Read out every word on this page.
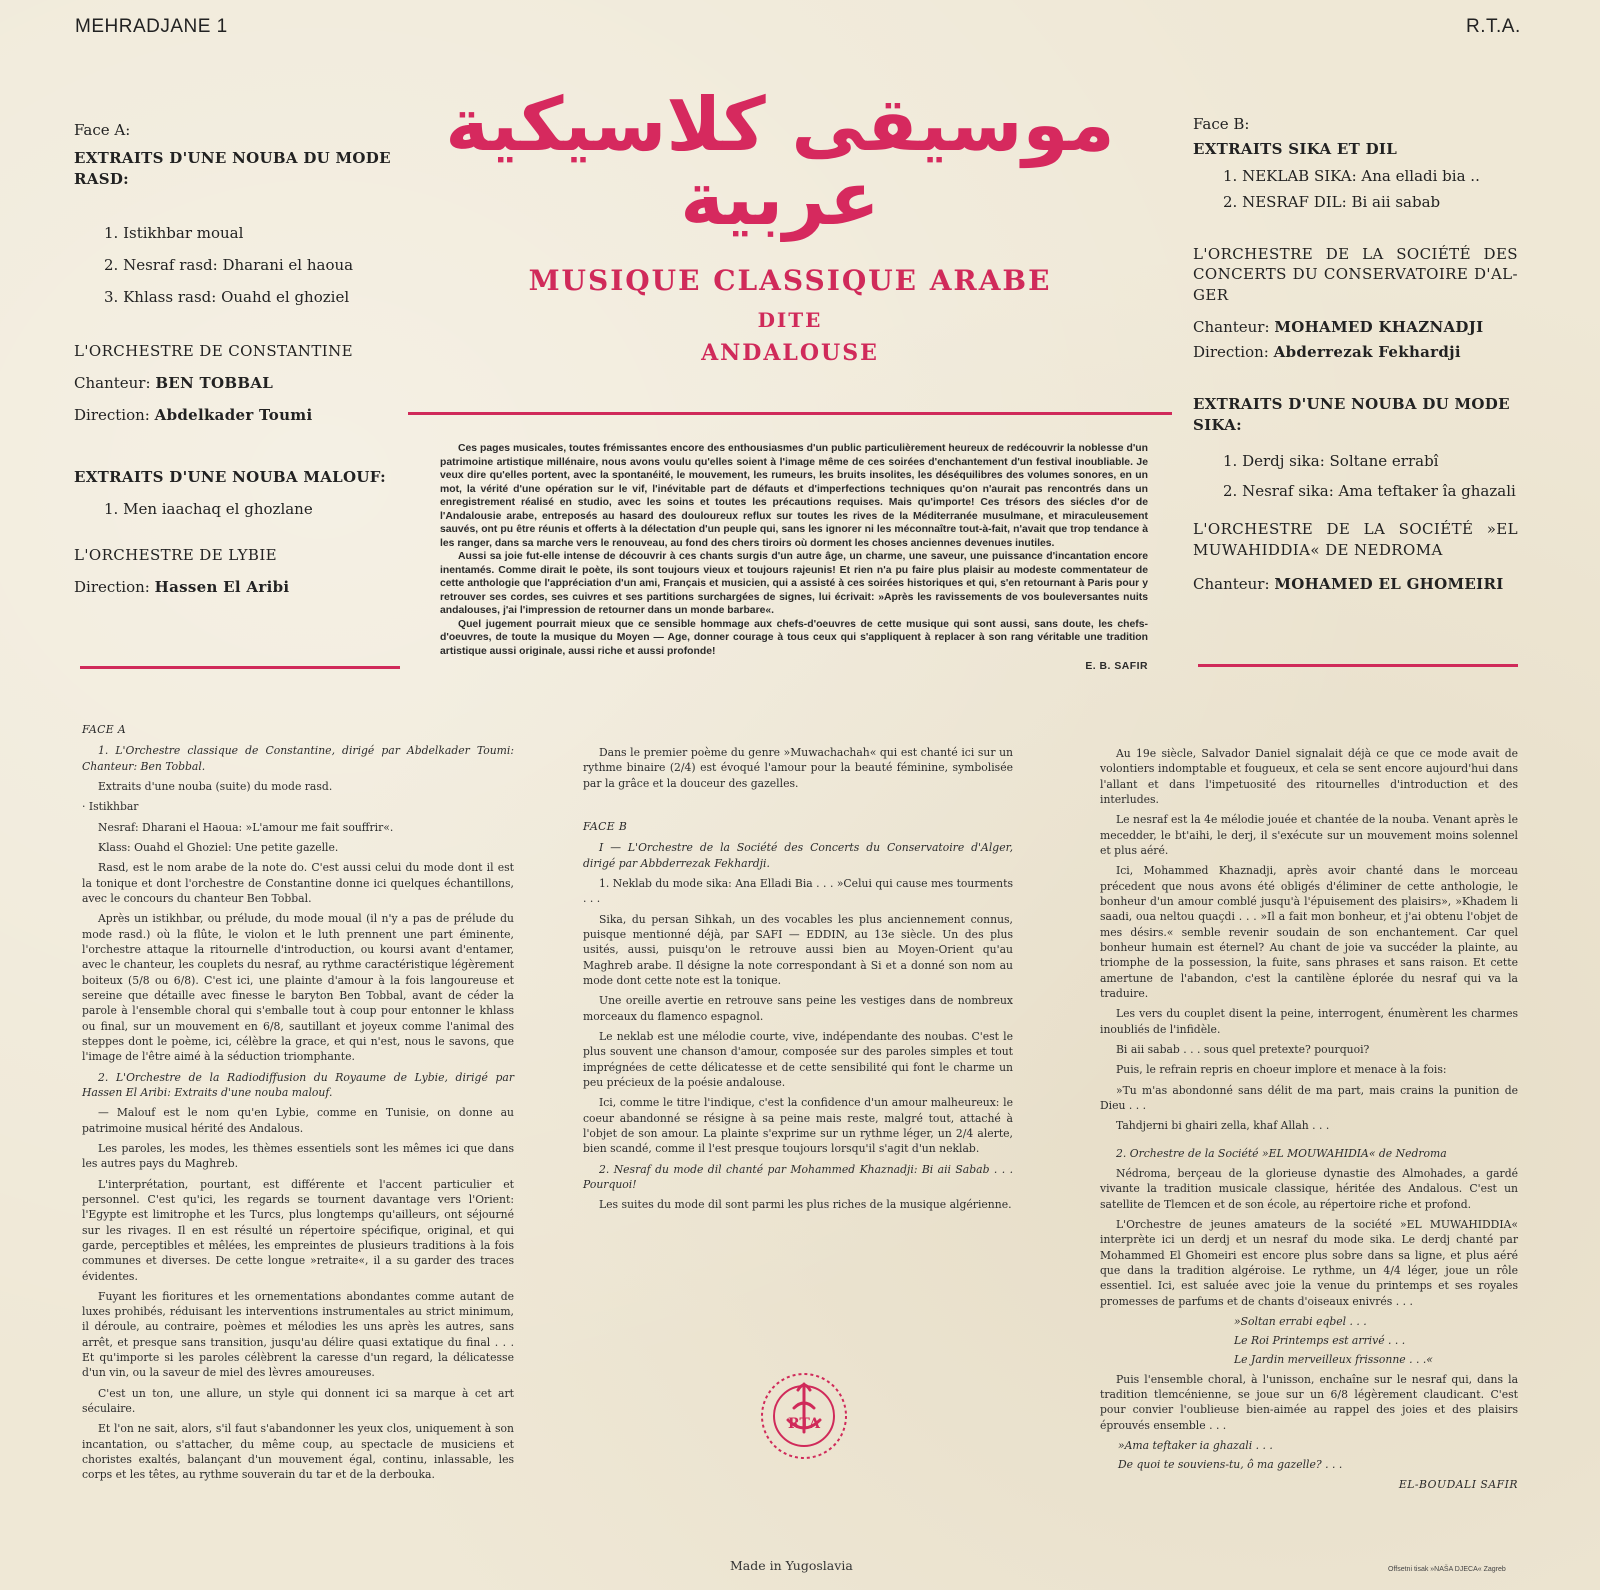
MEHRADJANE 1	R.T.A.
موسيقى كلاسيكية عربية
MUSIQUE CLASSIQUE ARABE
DITE
ANDALOUSE

Face A:

EXTRAITS D'UNE NOUBA DU MODE RASD:

1. Istikhbar moual

2. Nesraf rasd: Dharani el haoua

3. Khlass rasd: Ouahd el ghoziel

L'ORCHESTRE DE CONSTANTINE

Chanteur: BEN TOBBAL

Direction: Abdelkader Toumi

EXTRAITS D'UNE NOUBA MALOUF:

1. Men iaachaq el ghozlane

L'ORCHESTRE DE LYBIE

Direction: Hassen El Aribi

Face B:

EXTRAITS SIKA ET DIL

1. NEKLAB SIKA: Ana elladi bia ..

2. NESRAF DIL: Bi aii sabab

L'ORCHESTRE DE LA SOCIÉTÉ DES CONCERTS DU CONSERVATOIRE D'AL-GER

Chanteur: MOHAMED KHAZNADJI

Direction: Abderrezak Fekhardji

EXTRAITS D'UNE NOUBA DU MODE SIKA:

1. Derdj sika: Soltane errabî

2. Nesraf sika: Ama teftaker îa ghazali

L'ORCHESTRE DE LA SOCIÉTÉ »EL MUWAHIDDIA« DE NEDROMA

Chanteur: MOHAMED EL GHOMEIRI

Ces pages musicales, toutes frémissantes encore des enthousiasmes d'un public particulièrement heureux de redécouvrir la noblesse d'un patrimoine artistique millénaire, nous avons voulu qu'elles soient à l'image même de ces soirées d'enchantement d'un festival inoubliable. Je veux dire qu'elles portent, avec la spontanéité, le mouvement, les rumeurs, les bruits insolites, les déséquilibres des volumes sonores, en un mot, la vérité d'une opération sur le vif, l'inévitable part de défauts et d'imperfections techniques qu'on n'aurait pas rencontrés dans un enregistrement réalisé en studio, avec les soins et toutes les précautions requises. Mais qu'importe! Ces trésors des siécles d'or de l'Andalousie arabe, entreposés au hasard des douloureux reflux sur toutes les rives de la Méditerranée musulmane, et miraculeusement sauvés, ont pu être réunis et offerts à la délectation d'un peuple qui, sans les ignorer ni les méconnaître tout-à-fait, n'avait que trop tendance à les ranger, dans sa marche vers le renouveau, au fond des chers tiroirs où dorment les choses anciennes devenues inutiles.

Aussi sa joie fut-elle intense de découvrir à ces chants surgis d'un autre âge, un charme, une saveur, une puissance d'incantation encore inentamés. Comme dirait le poète, ils sont toujours vieux et toujours rajeunis! Et rien n'a pu faire plus plaisir au modeste commentateur de cette anthologie que l'appréciation d'un ami, Français et musicien, qui a assisté à ces soirées historiques et qui, s'en retournant à Paris pour y retrouver ses cordes, ses cuivres et ses partitions surchargées de signes, lui écrivait: »Après les ravissements de vos bouleversantes nuits andalouses, j'ai l'impression de retourner dans un monde barbare«.

Quel jugement pourrait mieux que ce sensible hommage aux chefs-d'oeuvres de cette musique qui sont aussi, sans doute, les chefs-d'oeuvres, de toute la musique du Moyen — Age, donner courage à tous ceux qui s'appliquent à replacer à son rang véritable une tradition artistique aussi originale, aussi riche et aussi profonde!

E. B. SAFIR

FACE A

1. L'Orchestre classique de Constantine, dirigé par Abdelkader Toumi: Chanteur: Ben Tobbal.

Extraits d'une nouba (suite) du mode rasd.

· Istikhbar

Nesraf: Dharani el Haoua: »L'amour me fait souffrir«.

Klass: Ouahd el Ghoziel: Une petite gazelle.

Rasd, est le nom arabe de la note do. C'est aussi celui du mode dont il est la tonique et dont l'orchestre de Constantine donne ici quelques échantillons, avec le concours du chanteur Ben Tobbal.

Après un istikhbar, ou prélude, du mode moual (il n'y a pas de prélude du mode rasd.) où la flûte, le violon et le luth prennent une part éminente, l'orchestre attaque la ritournelle d'introduction, ou koursi avant d'entamer, avec le chanteur, les couplets du nesraf, au rythme caractéristique légèrement boiteux (5/8 ou 6/8). C'est ici, une plainte d'amour à la fois langoureuse et sereine que détaille avec finesse le baryton Ben Tobbal, avant de céder la parole à l'ensemble choral qui s'emballe tout à coup pour entonner le khlass ou final, sur un mouvement en 6/8, sautillant et joyeux comme l'animal des steppes dont le poème, ici, célèbre la grace, et qui n'est, nous le savons, que l'image de l'être aimé à la séduction triomphante.

2. L'Orchestre de la Radiodiffusion du Royaume de Lybie, dirigé par Hassen El Aribi: Extraits d'une nouba malouf.

— Malouf est le nom qu'en Lybie, comme en Tunisie, on donne au patrimoine musical hérité des Andalous.

Les paroles, les modes, les thèmes essentiels sont les mêmes ici que dans les autres pays du Maghreb.

L'interprétation, pourtant, est différente et l'accent particulier et personnel. C'est qu'ici, les regards se tournent davantage vers l'Orient: l'Egypte est limitrophe et les Turcs, plus longtemps qu'ailleurs, ont séjourné sur les rivages. Il en est résulté un répertoire spécifique, original, et qui garde, perceptibles et mêlées, les empreintes de plusieurs traditions à la fois communes et diverses. De cette longue »retraite«, il a su garder des traces évidentes.

Fuyant les fioritures et les ornementations abondantes comme autant de luxes prohibés, réduisant les interventions instrumentales au strict minimum, il déroule, au contraire, poèmes et mélodies les uns après les autres, sans arrêt, et presque sans transition, jusqu'au délire quasi extatique du final . . . Et qu'importe si les paroles célèbrent la caresse d'un regard, la délicatesse d'un vin, ou la saveur de miel des lèvres amoureuses.

C'est un ton, une allure, un style qui donnent ici sa marque à cet art séculaire.

Et l'on ne sait, alors, s'il faut s'abandonner les yeux clos, uniquement à son incantation, ou s'attacher, du même coup, au spectacle de musiciens et choristes exaltés, balançant d'un mouvement égal, continu, inlassable, les corps et les têtes, au rythme souverain du tar et de la derbouka.

Dans le premier poème du genre »Muwachachah« qui est chanté ici sur un rythme binaire (2/4) est évoqué l'amour pour la beauté féminine, symbolisée par la grâce et la douceur des gazelles.

FACE B

I — L'Orchestre de la Société des Concerts du Conservatoire d'Alger, dirigé par Abbderrezak Fekhardji.

1. Neklab du mode sika: Ana Elladi Bia . . . »Celui qui cause mes tourments . . .

Sika, du persan Sihkah, un des vocables les plus anciennement connus, puisque mentionné déjà, par SAFI — EDDIN, au 13e siècle. Un des plus usités, aussi, puisqu'on le retrouve aussi bien au Moyen-Orient qu'au Maghreb arabe. Il désigne la note correspondant à Si et a donné son nom au mode dont cette note est la tonique.

Une oreille avertie en retrouve sans peine les vestiges dans de nombreux morceaux du flamenco espagnol.

Le neklab est une mélodie courte, vive, indépendante des noubas. C'est le plus souvent une chanson d'amour, composée sur des paroles simples et tout imprégnées de cette délicatesse et de cette sensibilité qui font le charme un peu précieux de la poésie andalouse.

Ici, comme le titre l'indique, c'est la confidence d'un amour malheureux: le coeur abandonné se résigne à sa peine mais reste, malgré tout, attaché à l'objet de son amour. La plainte s'exprime sur un rythme léger, un 2/4 alerte, bien scandé, comme il l'est presque toujours lorsqu'il s'agit d'un neklab.

2. Nesraf du mode dil chanté par Mohammed Khaznadji: Bi aii Sabab . . . Pourquoi!

Les suites du mode dil sont parmi les plus riches de la musique algérienne.

Au 19e siècle, Salvador Daniel signalait déjà ce que ce mode avait de volontiers indomptable et fougueux, et cela se sent encore aujourd'hui dans l'allant et dans l'impetuosité des ritournelles d'introduction et des interludes.

Le nesraf est la 4e mélodie jouée et chantée de la nouba. Venant après le mecedder, le bt'aihi, le derj, il s'exécute sur un mouvement moins solennel et plus aéré.

Ici, Mohammed Khaznadji, après avoir chanté dans le morceau précedent que nous avons été obligés d'éliminer de cette anthologie, le bonheur d'un amour comblé jusqu'à l'épuisement des plaisirs», »Khadem li saadi, oua neltou quaçdi . . . »Il a fait mon bonheur, et j'ai obtenu l'objet de mes désirs.« semble revenir soudain de son enchantement. Car quel bonheur humain est éternel? Au chant de joie va succéder la plainte, au triomphe de la possession, la fuite, sans phrases et sans raison. Et cette amertune de l'abandon, c'est la cantilène éplorée du nesraf qui va la traduire.

Les vers du couplet disent la peine, interrogent, énumèrent les charmes inoubliés de l'infidèle.

Bi aii sabab . . . sous quel pretexte? pourquoi?

Puis, le refrain repris en choeur implore et menace à la fois:

»Tu m'as abondonné sans délit de ma part, mais crains la punition de Dieu . . .

Tahdjerni bi ghairi zella, khaf Allah . . .

2. Orchestre de la Société »EL MOUWAHIDIA« de Nedroma

Nédroma, berçeau de la glorieuse dynastie des Almohades, a gardé vivante la tradition musicale classique, héritée des Andalous. C'est un satellite de Tlemcen et de son école, au répertoire riche et profond.

L'Orchestre de jeunes amateurs de la société »EL MUWAHIDDIA« interprète ici un derdj et un nesraf du mode sika. Le derdj chanté par Mohammed El Ghomeiri est encore plus sobre dans sa ligne, et plus aéré que dans la tradition algéroise. Le rythme, un 4/4 léger, joue un rôle essentiel. Ici, est saluée avec joie la venue du printemps et ses royales promesses de parfums et de chants d'oiseaux enivrés . . .

»Soltan errabi eqbel . . .

Le Roi Printemps est arrivé . . .

Le Jardin merveilleux frissonne . . .«

Puis l'ensemble choral, à l'unisson, enchaîne sur le nesraf qui, dans la tradition tlemcénienne, se joue sur un 6/8 légèrement claudicant. C'est pour convier l'oublieuse bien-aimée au rappel des joies et des plaisirs éprouvés ensemble . . .

»Ama teftaker ia ghazali . . .

De quoi te souviens-tu, ô ma gazelle? . . .

EL-BOUDALI SAFIR

RTA
Made in Yugoslavia	Offsetni tisak »NAŠA DJECA« Zagreb
